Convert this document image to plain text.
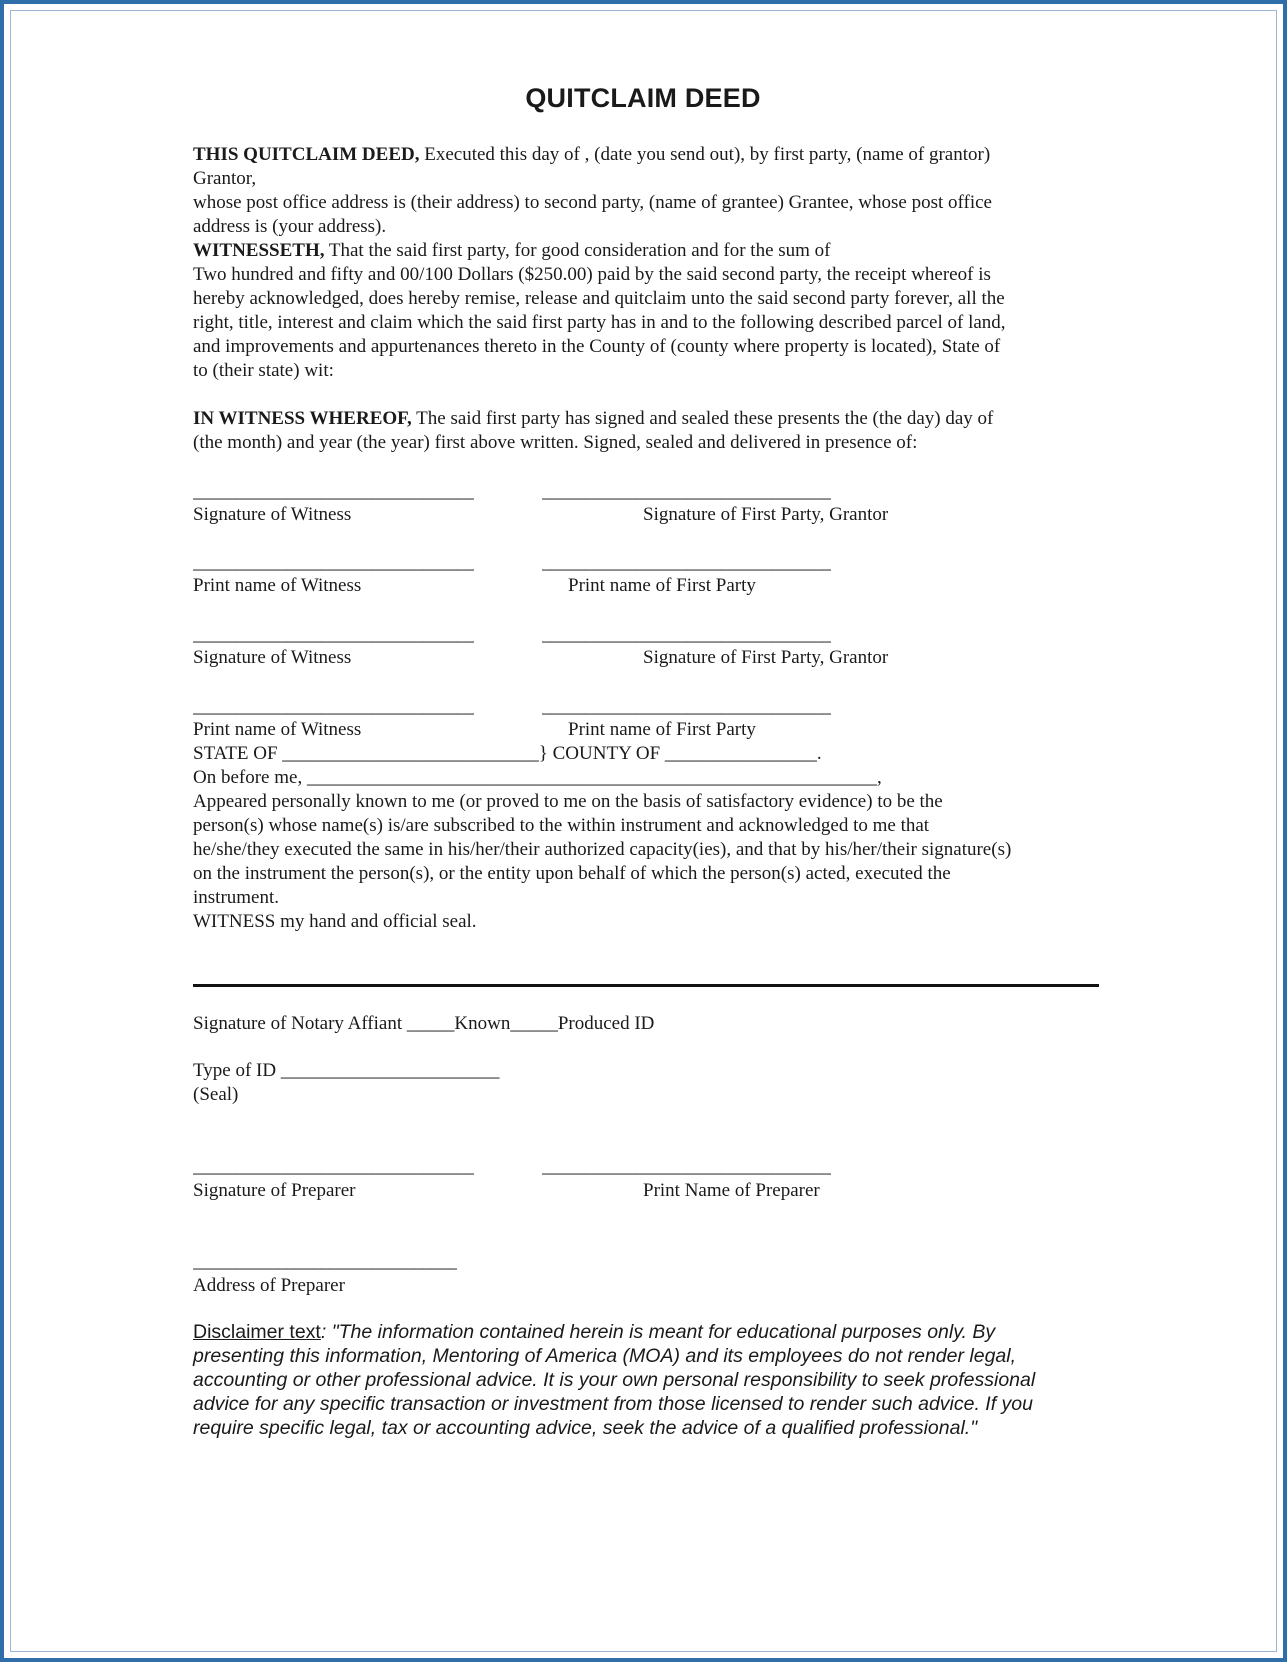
QUITCLAIM DEED
THIS QUITCLAIM DEED, Executed this day of , (date you send out), by first party, (name of grantor)
Grantor,
whose post office address is (their address) to second party, (name of grantee) Grantee, whose post office
address is (your address).
WITNESSETH, That the said first party, for good consideration and for the sum of
Two hundred and fifty and 00/100 Dollars ($250.00) paid by the said second party, the receipt whereof is
hereby acknowledged, does hereby remise, release and quitclaim unto the said second party forever, all the
right, title, interest and claim which the said first party has in and to the following described parcel of land,
and improvements and appurtenances thereto in the County of (county where property is located), State of
to (their state) wit:
IN WITNESS WHEREOF, The said first party has signed and sealed these presents the (the day) day of
(the month) and year (the year) first above written. Signed, sealed and delivered in presence of:
_________________________________	__________________________________
Signature of Witness	Signature of First Party, Grantor
_________________________________	__________________________________
Print name of Witness	Print name of First Party
_________________________________	__________________________________
Signature of Witness	Signature of First Party, Grantor
_________________________________	__________________________________
Print name of Witness	Print name of First Party
STATE OF ___________________________} COUNTY OF ________________.
On before me, ____________________________________________________________,
Appeared personally known to me (or proved to me on the basis of satisfactory evidence) to be the
person(s) whose name(s) is/are subscribed to the within instrument and acknowledged to me that
he/she/they executed the same in his/her/their authorized capacity(ies), and that by his/her/their signature(s)
on the instrument the person(s), or the entity upon behalf of which the person(s) acted, executed the
instrument.
WITNESS my hand and official seal.
Signature of Notary Affiant _____Known_____Produced ID
Type of ID _______________________
(Seal)
_________________________________	__________________________________
Signature of Preparer	Print Name of Preparer
_______________________________
Address of Preparer
Disclaimer text: "The information contained herein is meant for educational purposes only. By
presenting this information, Mentoring of America (MOA) and its employees do not render legal,
accounting or other professional advice. It is your own personal responsibility to seek professional
advice for any specific transaction or investment from those licensed to render such advice. If you
require specific legal, tax or accounting advice, seek the advice of a qualified professional."
